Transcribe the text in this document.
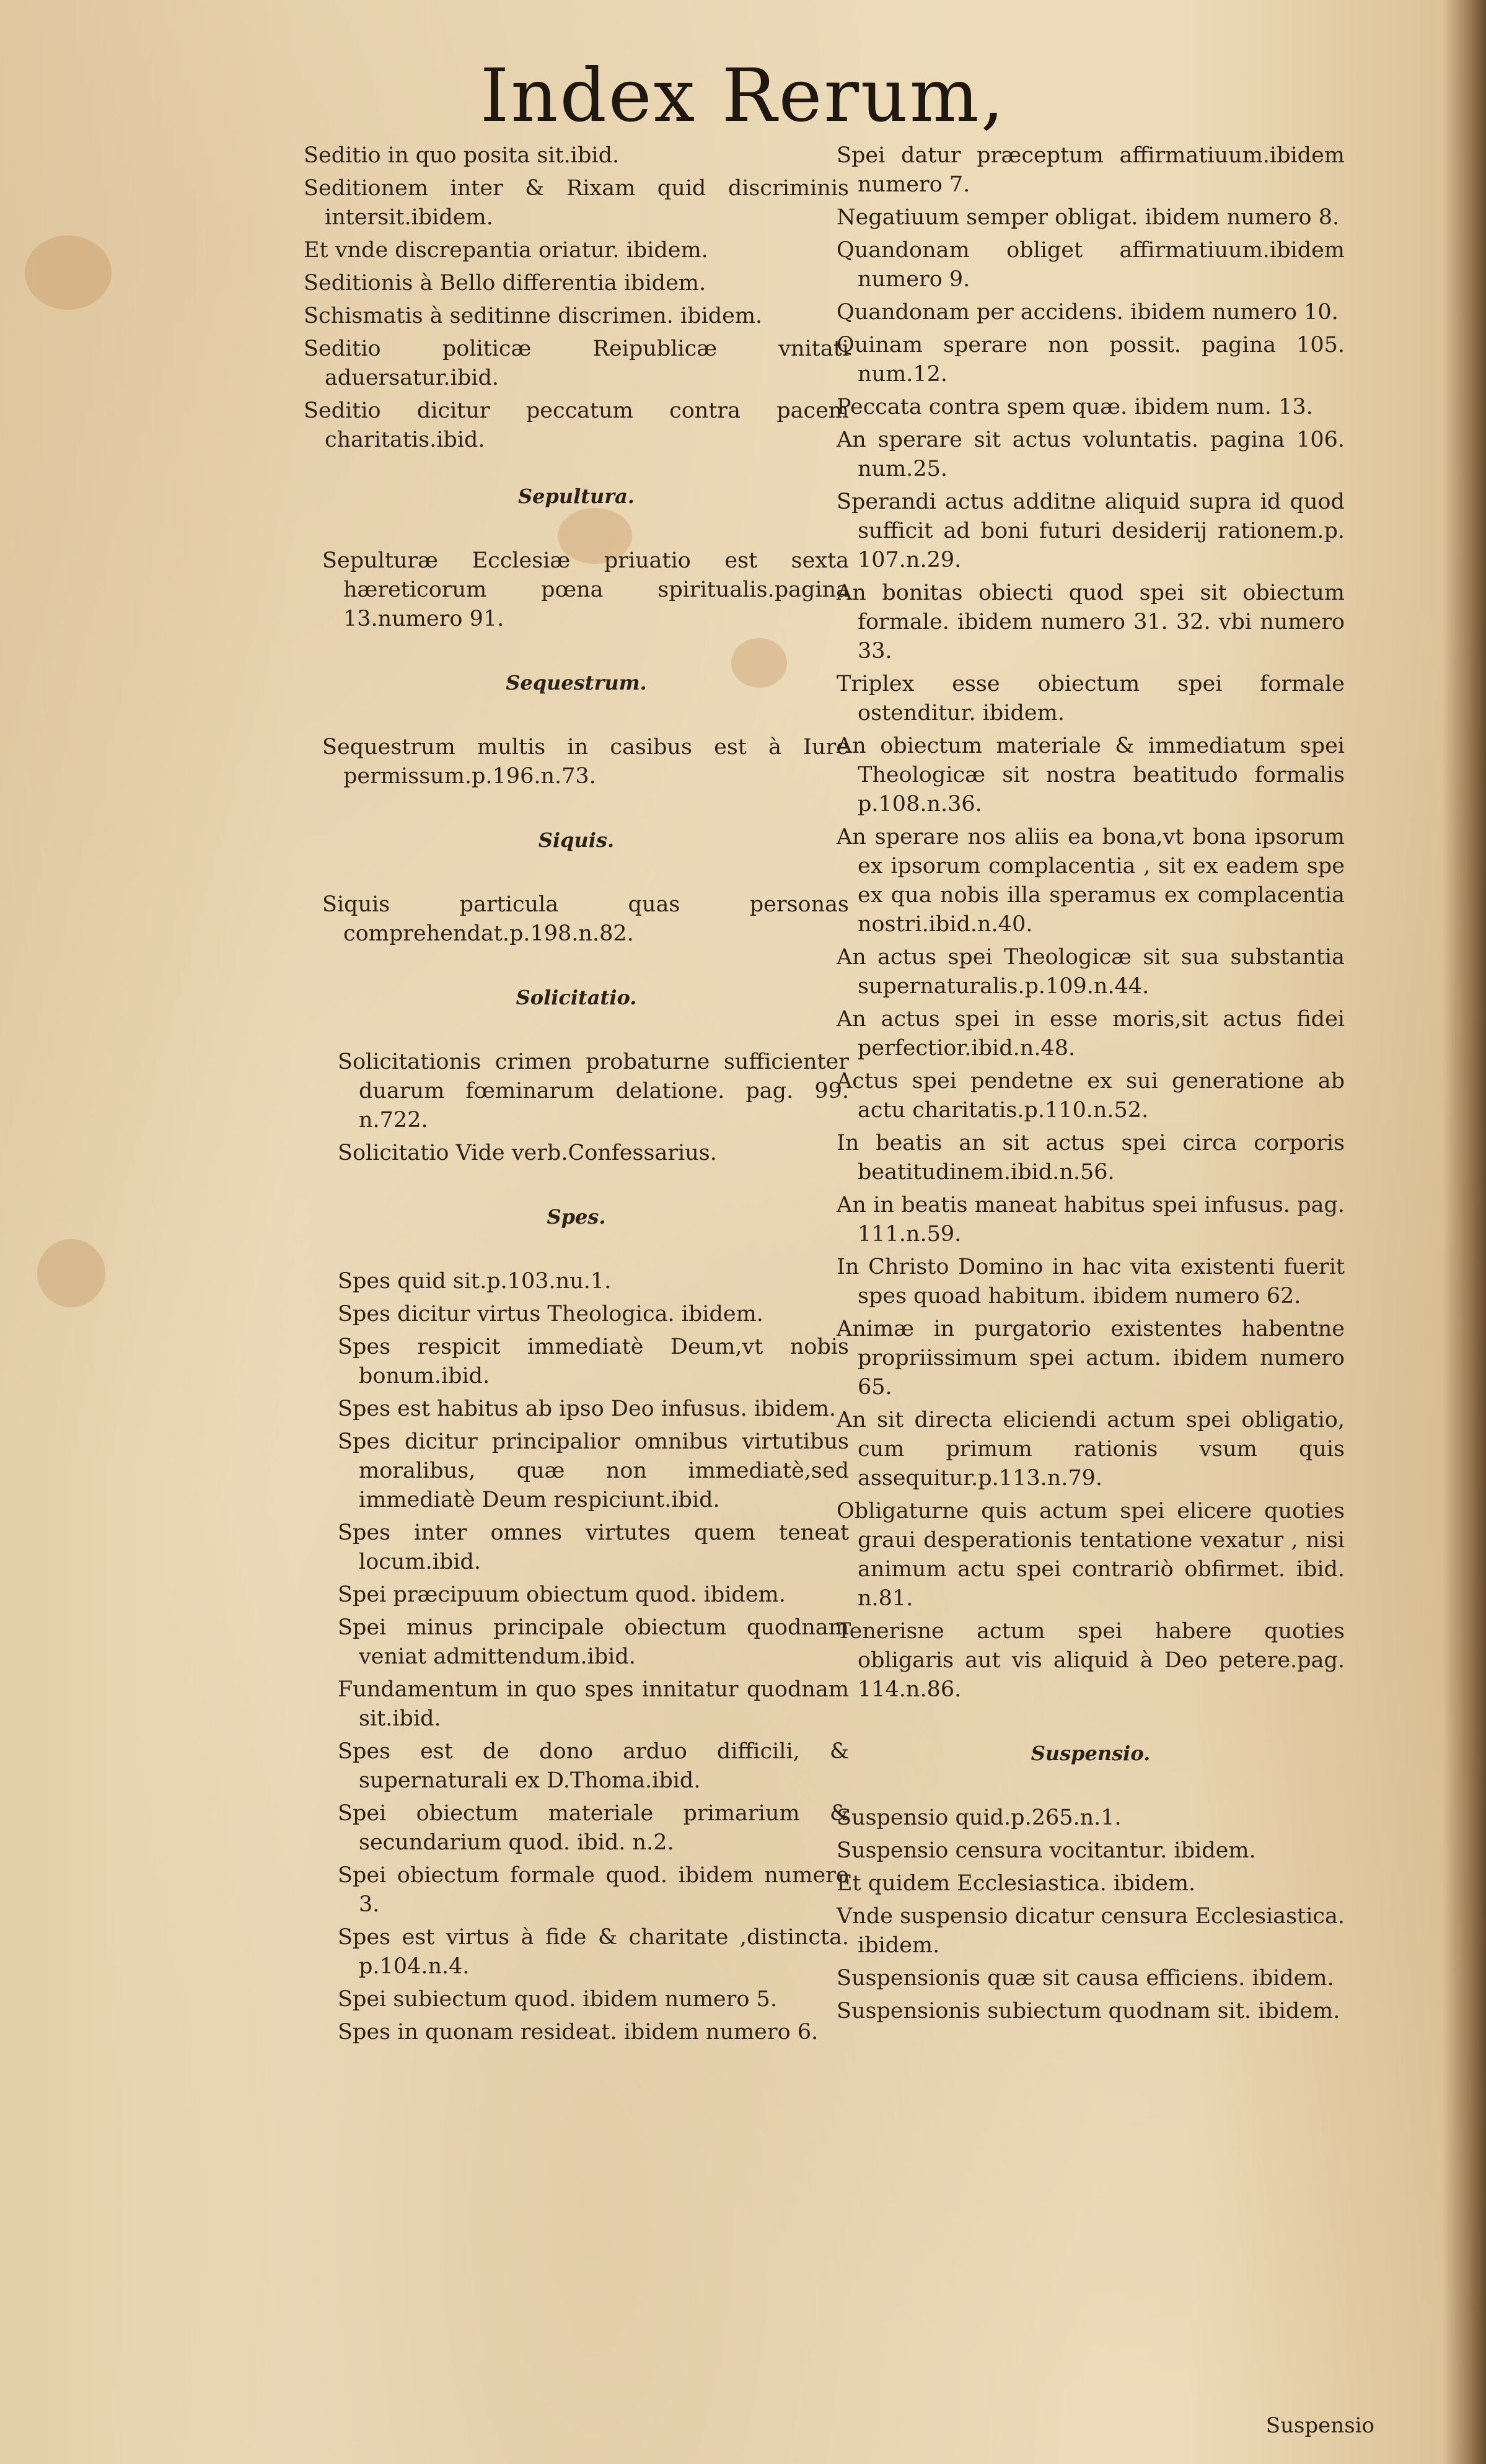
Index Rerum,

Seditio in quo posita sit.ibid.

Seditionem inter & Rixam quid discriminis intersit.ibidem.

Et vnde discrepantia oriatur. ibidem.

Seditionis à Bello differentia ibidem.

Schismatis à seditinne discrimen. ibidem.

Seditio politicæ Reipublicæ vnitati aduersatur.ibid.

Seditio dicitur peccatum contra pacem charitatis.ibid.

Sepultura.

Sepulturæ Ecclesiæ priuatio est sexta hæreticorum pœna spiritualis.pagina 13.numero 91.

Sequestrum.

Sequestrum multis in casibus est à Iure permissum.p.196.n.73.

Siquis.

Siquis particula quas personas comprehendat.p.198.n.82.

Solicitatio.

Solicitationis crimen probaturne sufficienter duarum fœminarum delatione. pag. 99. n.722.

Solicitatio Vide verb.Confessarius.

Spes.

Spes quid sit.p.103.nu.1.

Spes dicitur virtus Theologica. ibidem.

Spes respicit immediatè Deum,vt nobis bonum.ibid.

Spes est habitus ab ipso Deo infusus. ibidem.

Spes dicitur principalior omnibus virtutibus moralibus, quæ non immediatè,sed immediatè Deum respiciunt.ibid.

Spes inter omnes virtutes quem teneat locum.ibid.

Spei præcipuum obiectum quod. ibidem.

Spei minus principale obiectum quodnam veniat admittendum.ibid.

Fundamentum in quo spes innitatur quodnam sit.ibid.

Spes est de dono arduo difficili, & supernaturali ex D.Thoma.ibid.

Spei obiectum materiale primarium & secundarium quod. ibid. n.2.

Spei obiectum formale quod. ibidem numero 3.

Spes est virtus à fide & charitate ,distincta. p.104.n.4.

Spei subiectum quod. ibidem numero 5.

Spes in quonam resideat. ibidem numero 6.

Spei datur præceptum affirmatiuum.ibidem numero 7.

Negatiuum semper obligat. ibidem numero 8.

Quandonam obliget affirmatiuum.ibidem numero 9.

Quandonam per accidens. ibidem numero 10.

Quinam sperare non possit. pagina 105. num.12.

Peccata contra spem quæ. ibidem num. 13.

An sperare sit actus voluntatis. pagina 106. num.25.

Sperandi actus additne aliquid supra id quod sufficit ad boni futuri desiderij rationem.p. 107.n.29.

An bonitas obiecti quod spei sit obiectum formale. ibidem numero 31. 32. vbi numero 33.

Triplex esse obiectum spei formale ostenditur. ibidem.

An obiectum materiale & immediatum spei Theologicæ sit nostra beatitudo formalis p.108.n.36.

An sperare nos aliis ea bona,vt bona ipsorum ex ipsorum complacentia , sit ex eadem spe ex qua nobis illa speramus ex complacentia nostri.ibid.n.40.

An actus spei Theologicæ sit sua substantia supernaturalis.p.109.n.44.

An actus spei in esse moris,sit actus fidei perfectior.ibid.n.48.

Actus spei pendetne ex sui generatione ab actu charitatis.p.110.n.52.

In beatis an sit actus spei circa corporis beatitudinem.ibid.n.56.

An in beatis maneat habitus spei infusus. pag. 111.n.59.

In Christo Domino in hac vita existenti fuerit spes quoad habitum. ibidem numero 62.

Animæ in purgatorio existentes habentne propriissimum spei actum. ibidem numero 65.

An sit directa eliciendi actum spei obligatio, cum primum rationis vsum quis assequitur.p.113.n.79.

Obligaturne quis actum spei elicere quoties graui desperationis tentatione vexatur , nisi animum actu spei contrariò obfirmet. ibid. n.81.

Tenerisne actum spei habere quoties obligaris aut vis aliquid à Deo petere.pag. 114.n.86.

Suspensio.

Suspensio quid.p.265.n.1.

Suspensio censura vocitantur. ibidem.

Et quidem Ecclesiastica. ibidem.

Vnde suspensio dicatur censura Ecclesiastica. ibidem.

Suspensionis quæ sit causa efficiens. ibidem.

Suspensionis subiectum quodnam sit. ibidem.

Suspensio
